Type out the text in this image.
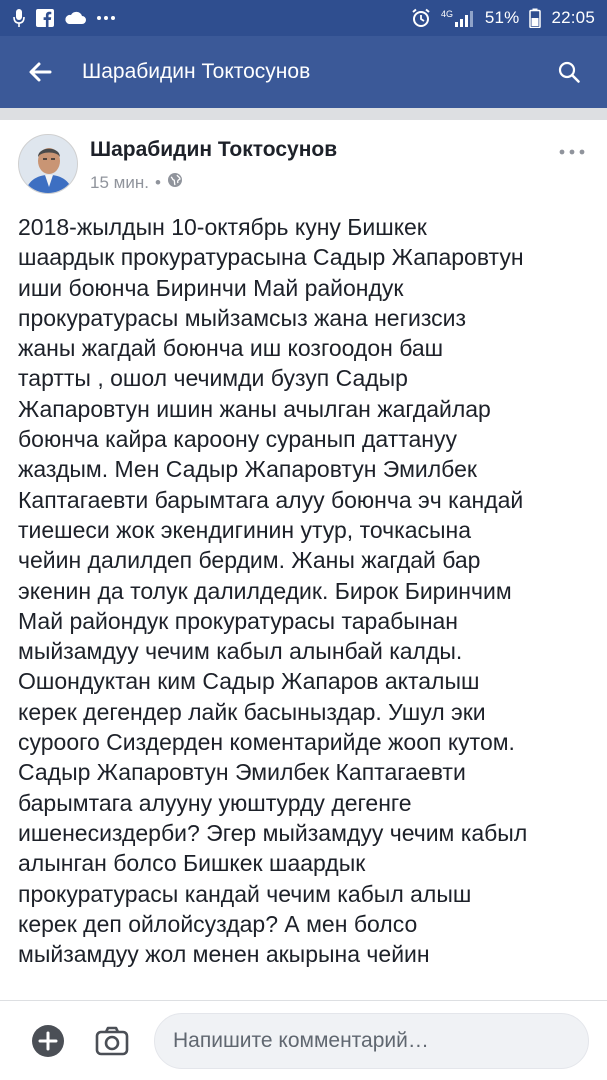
4G 51% 22:05
Шарабидин Токтосунов
Шарабидин Токтосунов
15 мин. •
2018-жылдын 10-октябрь куну Бишкек
шаардык прокуратурасына Садыр Жапаровтун
иши боюнча Биринчи Май райондук
прокуратурасы мыйзамсыз жана негизсиз
жаны жагдай боюнча иш козгоодон баш
тартты , ошол чечимди бузуп Садыр
Жапаровтун ишин жаны ачылган жагдайлар
боюнча кайра кароону суранып даттануу
жаздым. Мен Садыр Жапаровтун Эмилбек
Каптагаевти барымтага алуу боюнча эч кандай
тиешеси жок экендигинин утур, точкасына
чейин далилдеп бердим. Жаны жагдай бар
экенин да толук далилдедик. Бирок Биринчим
Май райондук прокуратурасы тарабынан
мыйзамдуу чечим кабыл алынбай калды.
Ошондуктан ким Садыр Жапаров акталыш
керек дегендер лайк басыныздар. Ушул эки
суроого Сиздерден коментарийде жооп кутом.
Садыр Жапаровтун Эмилбек Каптагаевти
барымтага алууну уюштурду дегенге
ишенесиздерби? Эгер мыйзамдуу чечим кабыл
алынган болсо Бишкек шаардык
прокуратурасы кандай чечим кабыл алыш
керек деп ойлойсуздар? А мен болсо
мыйзамдуу жол менен акырына чейин
Напишите комментарий…
